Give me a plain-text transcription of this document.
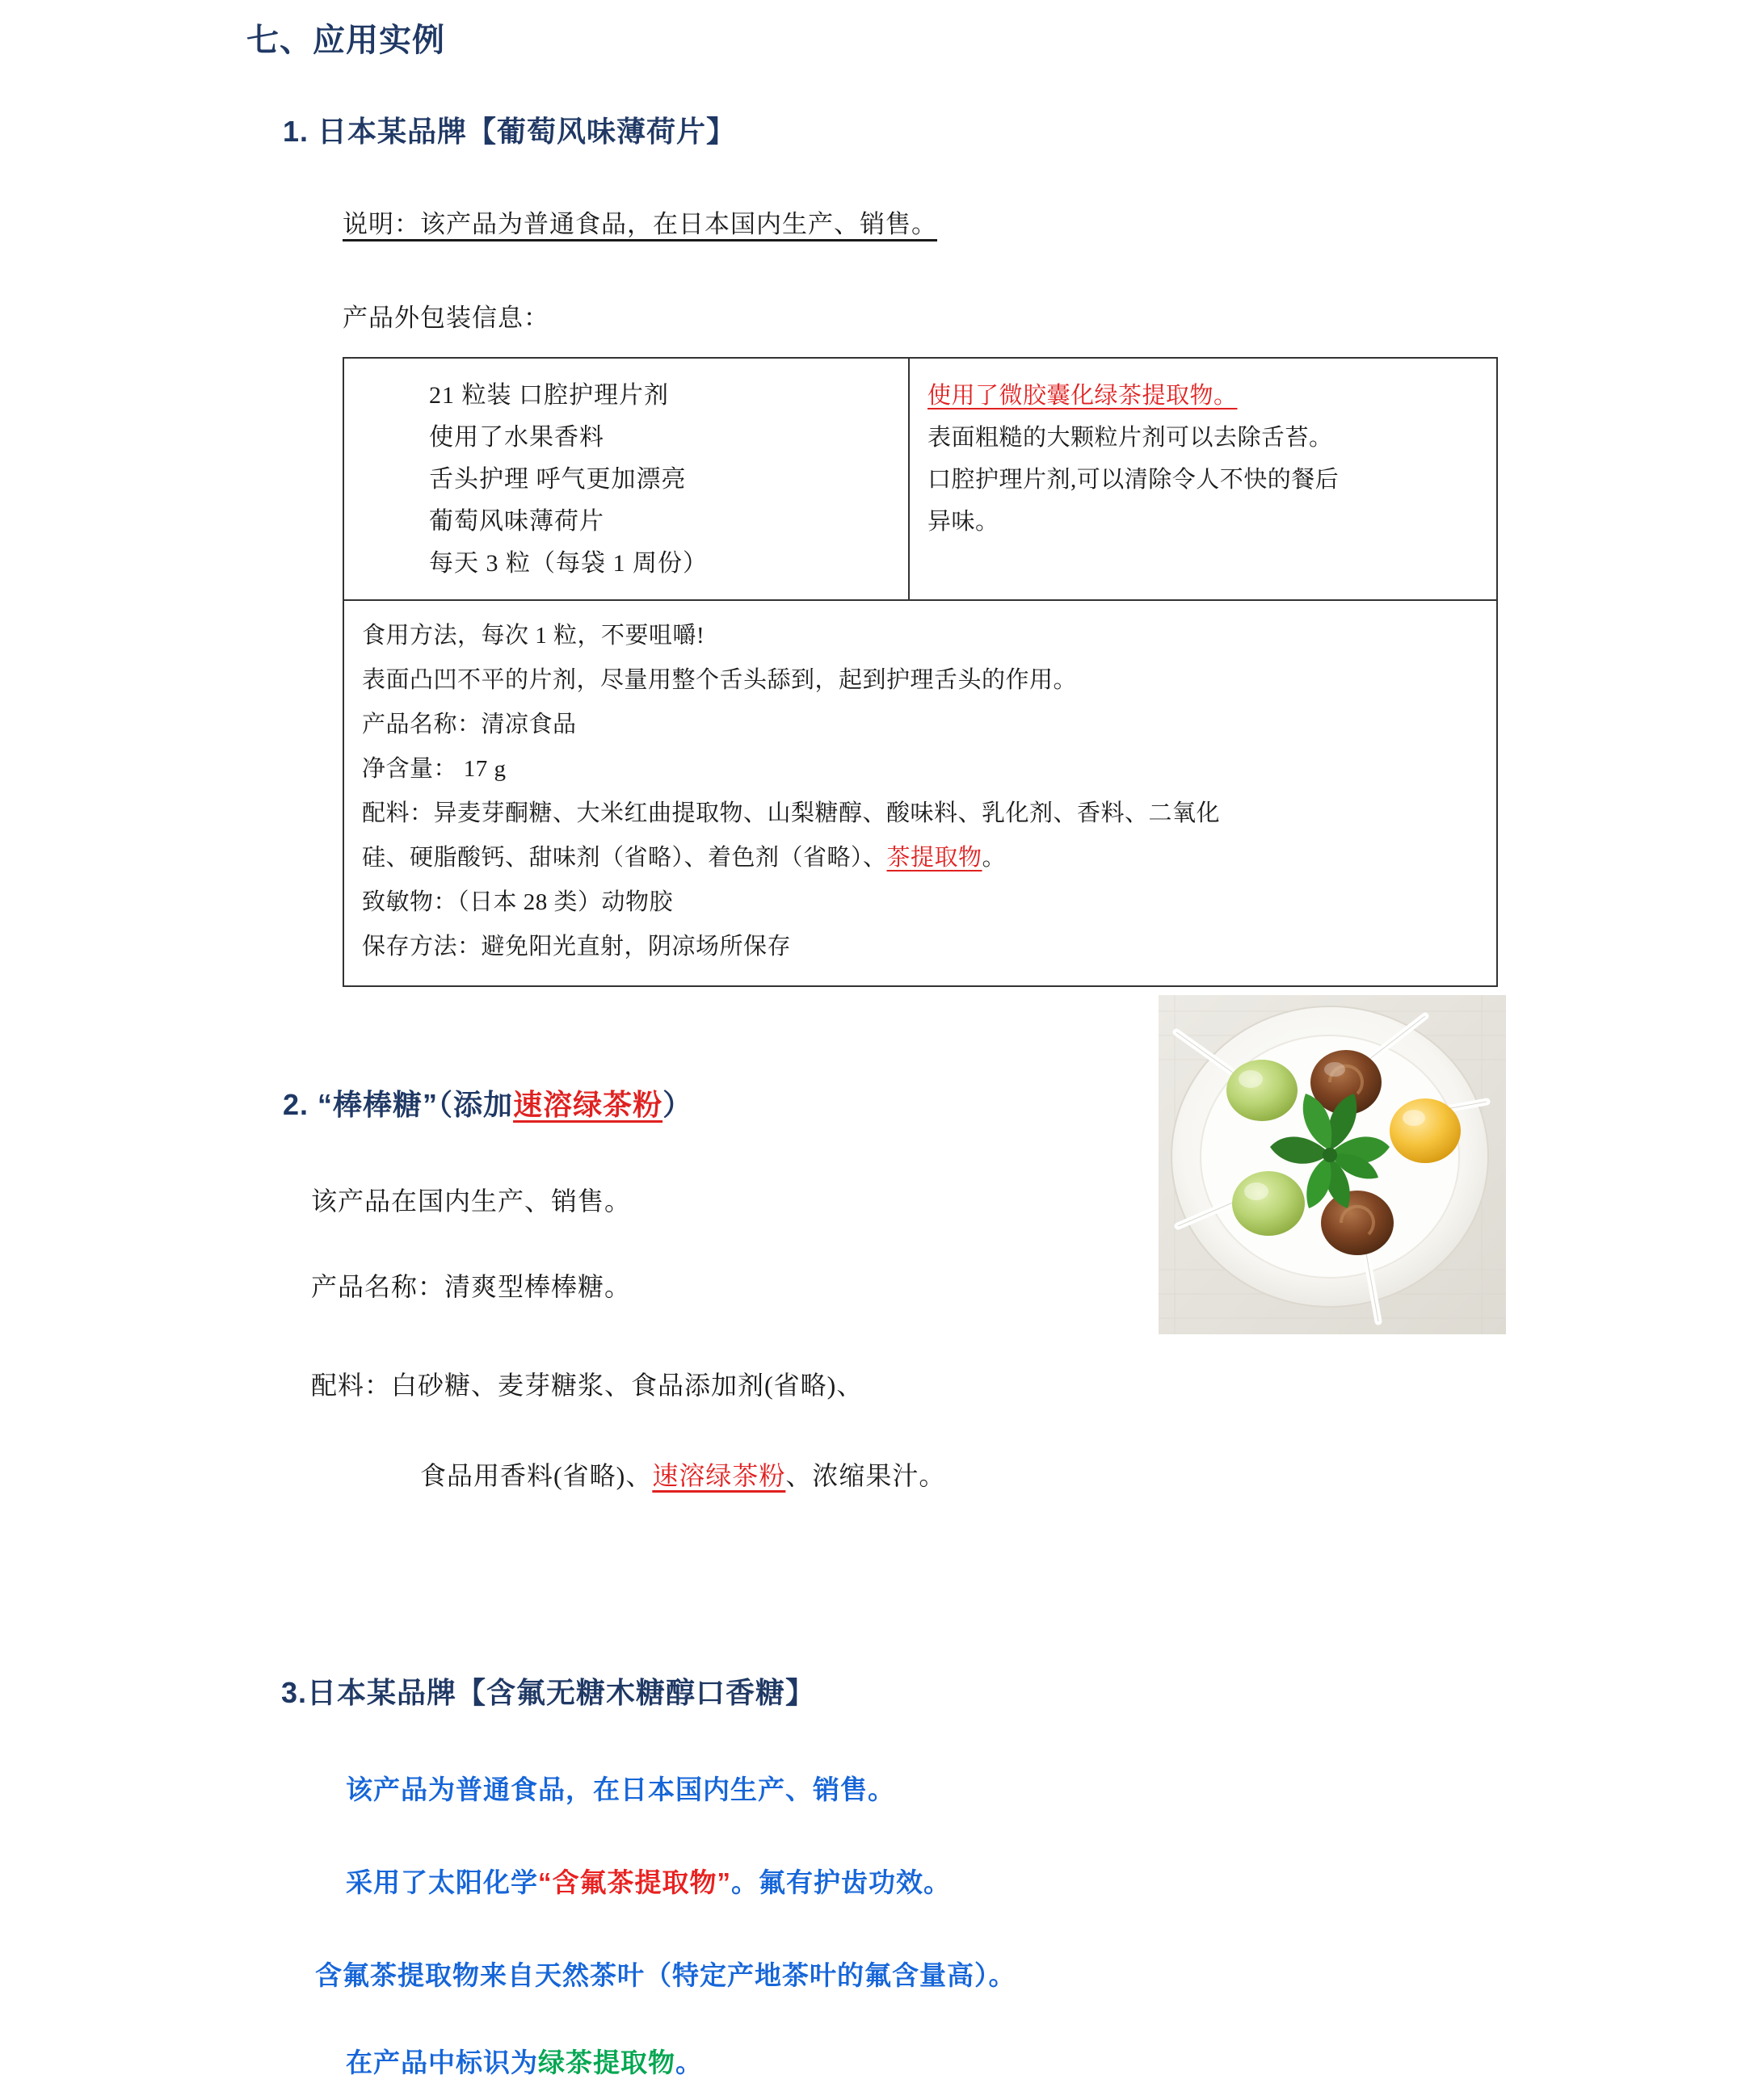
七、应用实例
1. 日本某品牌【葡萄风味薄荷片】
说明：该产品为普通食品，在日本国内生产、销售。
产品外包装信息：
21 粒装 口腔护理片剂
使用了水果香料
舌头护理 呼气更加漂亮
葡萄风味薄荷片
每天 3 粒（每袋 1 周份）
使用了微胶囊化绿茶提取物。
表面粗糙的大颗粒片剂可以去除舌苔。
口腔护理片剂,可以清除令人不快的餐后
异味。
食用方法，每次 1 粒，不要咀嚼!
表面凸凹不平的片剂，尽量用整个舌头舔到，起到护理舌头的作用。
产品名称：清凉食品
净含量： 17 g
配料：异麦芽酮糖、大米红曲提取物、山梨糖醇、酸味料、乳化剂、香料、二氧化
硅、硬脂酸钙、甜味剂（省略）、着色剂（省略）、茶提取物。
致敏物：（日本 28 类）动物胶
保存方法：避免阳光直射，阴凉场所保存
2. “棒棒糖”（添加速溶绿茶粉）
该产品在国内生产、销售。
产品名称：清爽型棒棒糖。
配料：白砂糖、麦芽糖浆、食品添加剂(省略)、
食品用香料(省略)、速溶绿茶粉、浓缩果汁。
3.日本某品牌【含氟无糖木糖醇口香糖】
该产品为普通食品，在日本国内生产、销售。
采用了太阳化学“含氟茶提取物”。氟有护齿功效。
含氟茶提取物来自天然茶叶（特定产地茶叶的氟含量高）。
在产品中标识为绿茶提取物。
